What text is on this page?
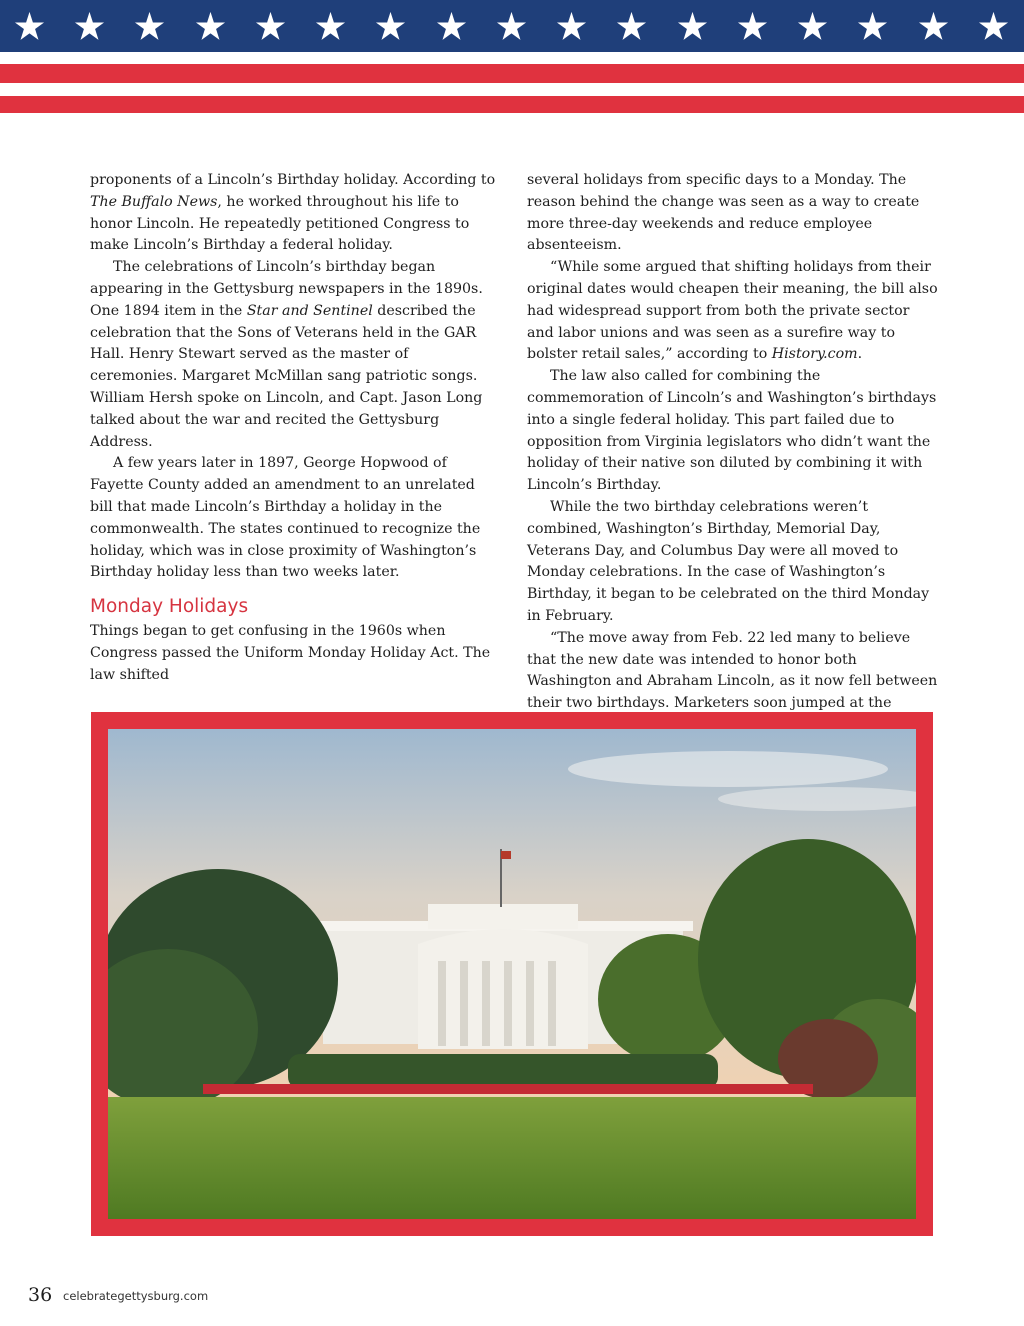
proponents of a Lincoln’s Birthday holiday. According to The Buffalo News, he worked throughout his life to honor Lincoln. He repeatedly petitioned Congress to make Lincoln’s Birthday a federal holiday.

The celebrations of Lincoln’s birthday began appearing in the Gettysburg newspapers in the 1890s. One 1894 item in the Star and Sentinel described the celebration that the Sons of Veterans held in the GAR Hall. Henry Stewart served as the master of ceremonies. Margaret McMillan sang patriotic songs. William Hersh spoke on Lincoln, and Capt. Jason Long talked about the war and recited the Gettysburg Address.

A few years later in 1897, George Hopwood of Fayette County added an amendment to an unrelated bill that made Lincoln’s Birthday a holiday in the commonwealth. The states continued to recognize the holiday, which was in close proximity of Washington’s Birthday holiday less than two weeks later.

Monday Holidays

Things began to get confusing in the 1960s when Congress passed the Uniform Monday Holiday Act. The law shifted

several holidays from specific days to a Monday. The reason behind the change was seen as a way to create more three-day weekends and reduce employee absenteeism.

“While some argued that shifting holidays from their original dates would cheapen their meaning, the bill also had widespread support from both the private sector and labor unions and was seen as a surefire way to bolster retail sales,” according to History.com.

The law also called for combining the commemoration of Lincoln’s and Washington’s birthdays into a single federal holiday. This part failed due to opposition from Virginia legislators who didn’t want the holiday of their native son diluted by combining it with Lincoln’s Birthday.

While the two birthday celebrations weren’t combined, Washington’s Birthday, Memorial Day, Veterans Day, and Columbus Day were all moved to Monday celebrations. In the case of Washington’s Birthday, it began to be celebrated on the third Monday in February.

“The move away from Feb. 22 led many to believe that the new date was intended to honor both Washington and Abraham Lincoln, as it now fell between their two birthdays. Marketers soon jumped at the

36 celebrategettysburg.com
